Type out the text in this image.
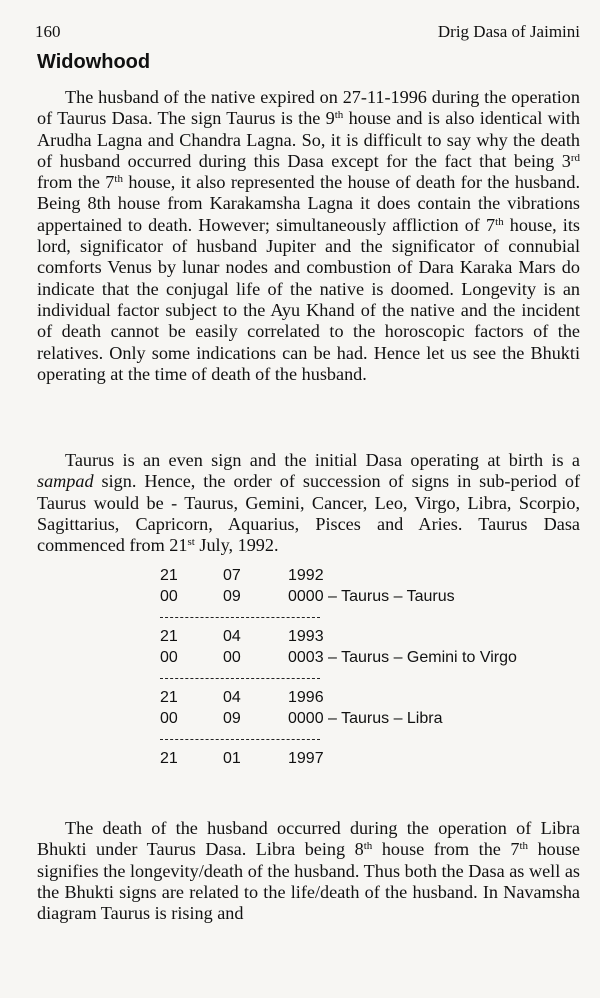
160	Drig Dasa of Jaimini
Widowhood

The husband of the native expired on 27-11-1996 during the operation of Taurus Dasa. The sign Taurus is the 9th house and is also identical with Arudha Lagna and Chandra Lagna. So, it is difficult to say why the death of husband occurred during this Dasa except for the fact that being 3rd from the 7th house, it also represented the house of death for the husband. Being 8th house from Karakamsha Lagna it does contain the vibrations appertained to death. However; simultaneously affliction of 7th house, its lord, significator of husband Jupiter and the significator of connubial comforts Venus by lunar nodes and combustion of Dara Karaka Mars do indicate that the conjugal life of the native is doomed. Longevity is an individual factor subject to the Ayu Khand of the native and the incident of death cannot be easily correlated to the horoscopic factors of the relatives. Only some indications can be had. Hence let us see the Bhukti operating at the time of death of the husband.

Taurus is an even sign and the initial Dasa operating at birth is a sampad sign. Hence, the order of succession of signs in sub-period of Taurus would be - Taurus, Gemini, Cancer, Leo, Virgo, Libra, Scorpio, Sagittarius, Capricorn, Aquarius, Pisces and Aries. Taurus Dasa commenced from 21st July, 1992.

21	07	1992
00	09	0000 – Taurus – Taurus
21	04	1993
00	00	0003 – Taurus – Gemini to Virgo
21	04	1996
00	09	0000 – Taurus – Libra
21	01	1997

The death of the husband occurred during the operation of Libra Bhukti under Taurus Dasa. Libra being 8th house from the 7th house signifies the longevity/death of the husband. Thus both the Dasa as well as the Bhukti signs are related to the life/death of the husband. In Navamsha diagram Taurus is rising and
